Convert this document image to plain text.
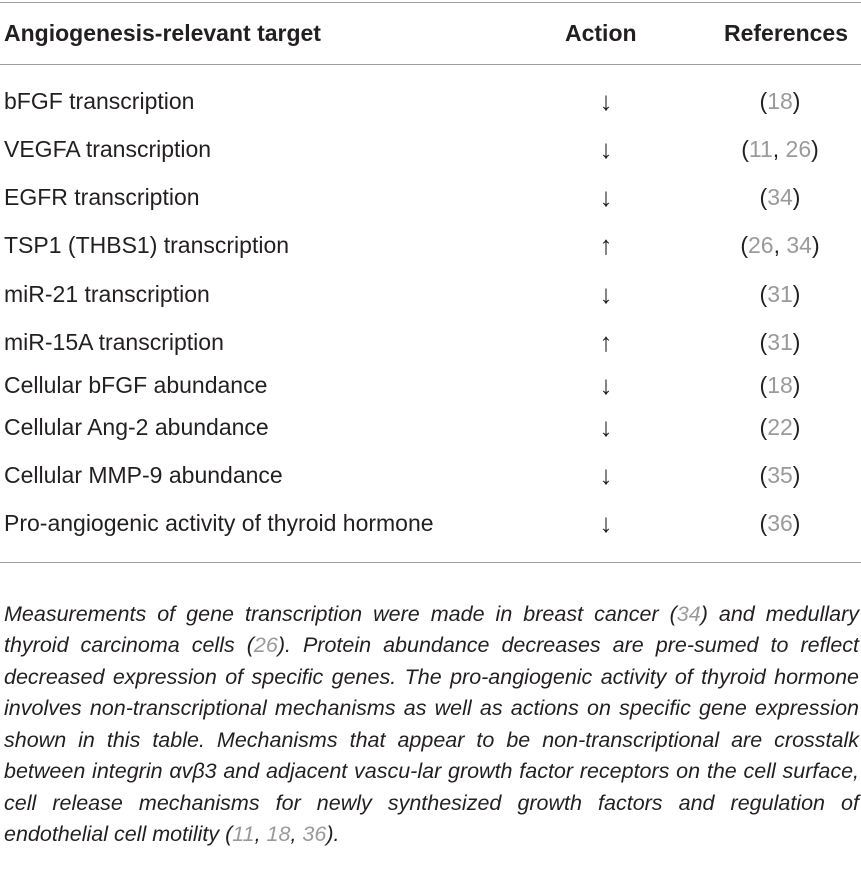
Angiogenesis-relevant target	Action	References
bFGF transcription	↓	(18)
VEGFA transcription	↓	(11, 26)
EGFR transcription	↓	(34)
TSP1 (THBS1) transcription	↑	(26, 34)
miR-21 transcription	↓	(31)
miR-15A transcription	↑	(31)
Cellular bFGF abundance	↓	(18)
Cellular Ang-2 abundance	↓	(22)
Cellular MMP-9 abundance	↓	(35)
Pro-angiogenic activity of thyroid hormone	↓	(36)

Measurements of gene transcription were made in breast cancer (34) and medullary thyroid carcinoma cells (26). Protein abundance decreases are pre-sumed to reflect decreased expression of specific genes. The pro-angiogenic activity of thyroid hormone involves non-transcriptional mechanisms as well as actions on specific gene expression shown in this table. Mechanisms that appear to be non-transcriptional are crosstalk between integrin αvβ3 and adjacent vascu-lar growth factor receptors on the cell surface, cell release mechanisms for newly synthesized growth factors and regulation of endothelial cell motility (11, 18, 36).
